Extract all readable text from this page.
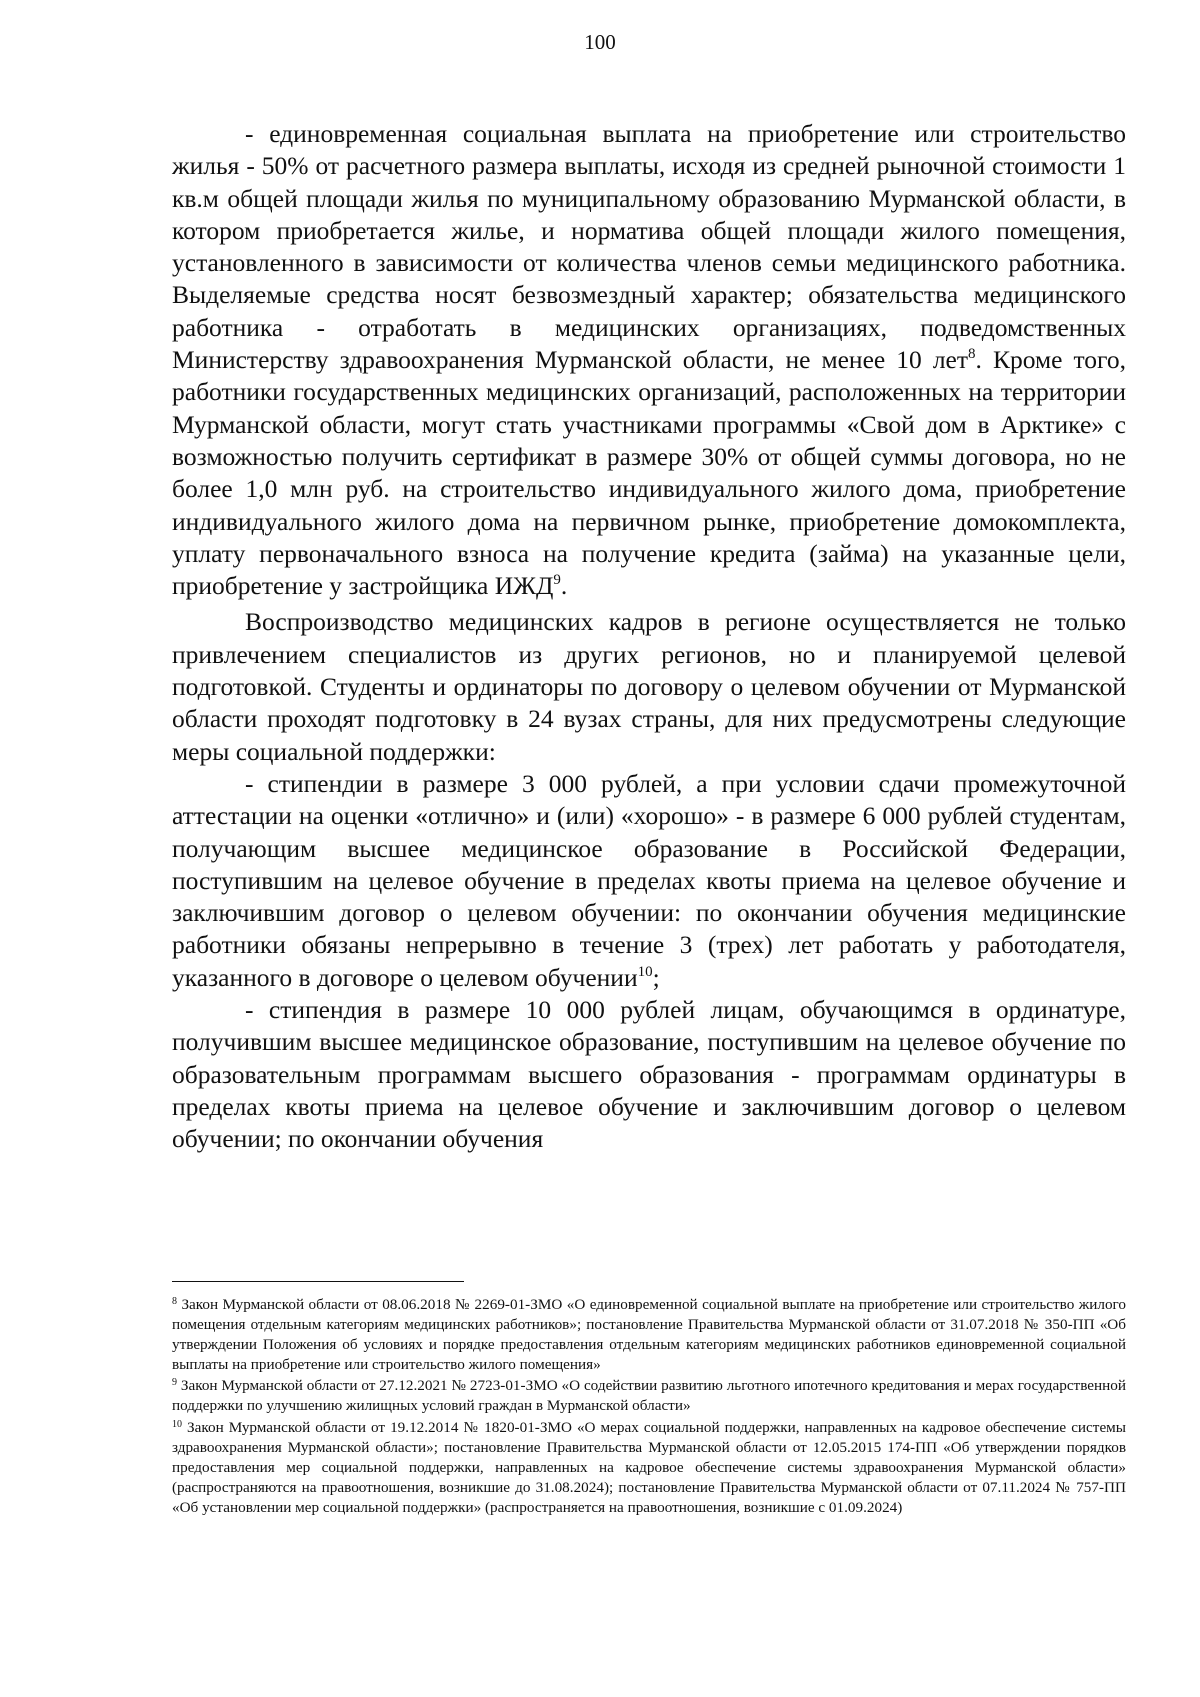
100

- единовременная социальная выплата на приобретение или строительство жилья - 50% от расчетного размера выплаты, исходя из средней рыночной стоимости 1 кв.м общей площади жилья по муниципальному образованию Мурманской области, в котором приобретается жилье, и норматива общей площади жилого помещения, установленного в зависимости от количества членов семьи медицинского работника. Выделяемые средства носят безвозмездный характер; обязательства медицинского работника - отработать в медицинских организациях, подведомственных Министерству здравоохранения Мурманской области, не менее 10 лет$^8$. Кроме того, работники государственных медицинских организаций, расположенных на территории Мурманской области, могут стать участниками программы «Свой дом в Арктике» с возможностью получить сертификат в размере 30% от общей суммы договора, но не более 1,0 млн руб. на строительство индивидуального жилого дома, приобретение индивидуального жилого дома на первичном рынке, приобретение домокомплекта, уплату первоначального взноса на получение кредита (займа) на указанные цели, приобретение у застройщика ИЖД$^9$.

Воспроизводство медицинских кадров в регионе осуществляется не только привлечением специалистов из других регионов, но и планируемой целевой подготовкой. Студенты и ординаторы по договору о целевом обучении от Мурманской области проходят подготовку в 24 вузах страны, для них предусмотрены следующие меры социальной поддержки:

- стипендии в размере 3 000 рублей, а при условии сдачи промежуточной аттестации на оценки «отлично» и (или) «хорошо» - в размере 6 000 рублей студентам, получающим высшее медицинское образование в Российской Федерации, поступившим на целевое обучение в пределах квоты приема на целевое обучение и заключившим договор о целевом обучении: по окончании обучения медицинские работники обязаны непрерывно в течение 3 (трех) лет работать у работодателя, указанного в договоре о целевом обучении$^{10}$;

- стипендия в размере 10 000 рублей лицам, обучающимся в ординатуре, получившим высшее медицинское образование, поступившим на целевое обучение по образовательным программам высшего образования - программам ординатуры в пределах квоты приема на целевое обучение и заключившим договор о целевом обучении; по окончании обучения

$^8$ Закон Мурманской области от 08.06.2018 № 2269-01-ЗМО «О единовременной социальной выплате на приобретение или строительство жилого помещения отдельным категориям медицинских работников»; постановление Правительства Мурманской области от 31.07.2018 № 350-ПП «Об утверждении Положения об условиях и порядке предоставления отдельным категориям медицинских работников единовременной социальной выплаты на приобретение или строительство жилого помещения»

$^9$ Закон Мурманской области от 27.12.2021 № 2723-01-ЗМО «О содействии развитию льготного ипотечного кредитования и мерах государственной поддержки по улучшению жилищных условий граждан в Мурманской области»

$^{10}$ Закон Мурманской области от 19.12.2014 № 1820-01-ЗМО «О мерах социальной поддержки, направленных на кадровое обеспечение системы здравоохранения Мурманской области»; постановление Правительства Мурманской области от 12.05.2015 174-ПП «Об утверждении порядков предоставления мер социальной поддержки, направленных на кадровое обеспечение системы здравоохранения Мурманской области» (распространяются на правоотношения, возникшие до 31.08.2024); постановление Правительства Мурманской области от 07.11.2024 № 757-ПП «Об установлении мер социальной поддержки» (распространяется на правоотношения, возникшие с 01.09.2024)
